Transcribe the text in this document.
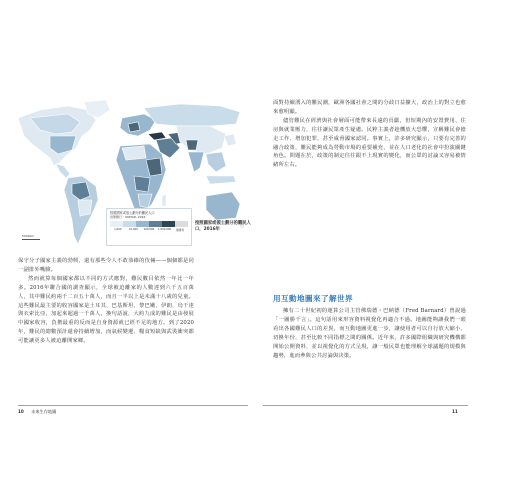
按照國家或領土劃分的難民人口
世界銀行・UNHCR, 2016
1,000	10,000	100,000	1,000,000	無資料
5000km
按照國家或領土劃分的難民人口，2016年

保守分子國家主義的勃興，還有那些令人不敢恭維的伎倆——個個都是同一副排外嘴臉。

然而就算每個國家都以不同的方式應對，難民數目依然一年比一年多。2016年聯合國的調查顯示，全球被迫離家的人數達到六千五百萬人，其中難民約兩千二百五十萬人，而且一半以上是未滿十八歲的兒童。這些難民最主要的收容國家是土耳其、巴基斯坦、黎巴嫩、伊朗、烏干達與衣索比亞，加起來超過一千萬人。換句話說，大約九成的難民是由發展中國家收容，負擔最重的反而是自身資源就已經不足的地方。到了2020年，難民的總數預計還會持續增加，而氣候變遷、糧食短缺與武裝衝突都可能讓更多人被迫離開家鄉。

面對持續湧入的難民潮，歐洲各國社會之間的分歧日益擴大，政治上的對立也愈來愈明顯。

儘管難民在經濟與社會層面可能帶來長遠的貢獻，但短期內的安置費用、住房與就業壓力，往往讓民眾產生疑慮。民粹主義者趁機放大恐懼，宣稱難民會搶走工作、增加犯罪，甚至威脅國家認同。事實上，許多研究顯示，只要有完善的融合政策，難民能夠成為勞動市場的重要補充，並在人口老化的社會中扮演關鍵角色。問題在於，政策的制定往往跟不上現實的變化，而公眾的討論又容易被情緒所左右。

用互動地圖來了解世界

擁有二十世紀初的運算公司主管佛瑞德・巴納德（Fred Barnard）曾說過「一圖勝千言」。這句話用來形容資料視覺化再適合不過。地圖能夠讓我們一眼看出各國難民人口的差異，而互動地圖更進一步，讓使用者可以自行放大縮小、切換年份，甚至比較不同指標之間的關係。近年來，許多國際組織與研究機構都開始公開資料，並以視覺化的方式呈現，讓一般民眾也能理解全球議題的規模與趨勢，進而參與公共討論與決策。

10 未來生存地圖	11
